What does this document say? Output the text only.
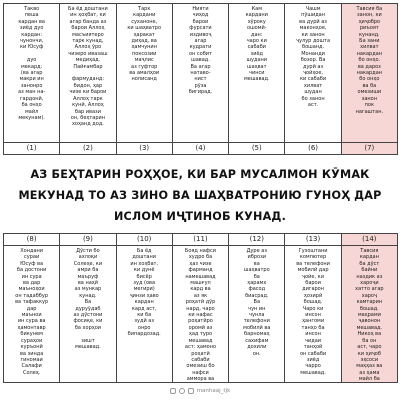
Такво
пеша
кардан ва
зиёд дуо
кардан:
чунончи,
ки Юсуф

дуо
мекард:
(ва агар
макри ин
занонро
аз ман на-
гардонӣ,
ба онҳо
майл
мекунам).
(1)
Ба ёд доштани
ин ҳоҳбат, ки
агар банда аз
барои Аллоҳ
масъиятеро
тарк кунад,
Аллоҳ ӯро
чизеро ивазаш
медиҳад.
Пайғамбар

фармуданд:
бидон, ҳар
чизе ки барои
Аллоҳ тарк
кунӣ, Аллоҳ
бар ивази
он, беҳтарин
хоҳанд дод.
(2)
Тарк
кардани
суханоне,
ки шаҳватро
ҳаракат
диҳад, ва
ҳамчунин
поксозии
маҷлис
аз гуфтор
ва амалҳои
нописанд
(3)
Нияти
чиҳод
барои
фурсати
издивоҷ
агар
кудрати
он собит
шавад.
Ва агар
натаво-
нист
рӯза
бигирад.
(4)
Кам
кардани
хӯроку
ошомӣ-
дан:
чаро ки
сабаби
зиёд
шудани
шаҳват
чинси
мешавад.
(5)
Чашм
пӯшидан
ва дурӣ аз
маконҳое,
ки занон
ҷулур дошта
бошанд.
Монанди
бозор. Ва
дурӣ аз
ҷойҳое,
ки сабаби
хилват
шудан
бо занон
аст.
(6)
Тавсия ба
занон, ки
ҳиҷобро
риъоят
кунанд.
Ба зани
хилват
накардан
бо онҳо.
ва дароз
накардан
бо онҳо
ва ба
омезиши
занон
пок
нагаштан.
(7)
АЗ БЕҲТАРИН РОҲҲОЕ, КИ БАР МУСАЛМОН КӮМАК МЕКУНАД ТО АЗ ЗИНО ВА ШАҲВАТРОНИЮ ГУНОҲ ДАР ИСЛОМ ИҶТИНОБ КУНАД.
(8)
Хондани
сураи
Юсуф ва
ба достони
ин сура
ва дар
маъноҳои
он тадаббур
ва тафаккур
дар
маънои
ин сура ва
ҳамонтавр
бикунем
сураҳои
куръонӣ
ва зинда
гиномаи
Салафи
Солеҳ.
(9)
Дӯсти бо
ахлоқи
Солеҳе, ки
амри ба
маъруф
ва наҳӣ
аз мункар
кунад.
Ва
дуруӯдаб
аз дӯстони
фосиқе, ки
ба хорҳои

зишт
мешавад.
(10)
Ба ёд
доштани
ин хоҳбат,
ки дунё
бисёр
зуд (ова
мегири)
ҷинзи ҳаво
кардан
кард аст,
ки ба
зудӣ аз
онро
бипардозад.
(11)
Бояд нафси
худро ба
ҳаз чизе
фарманд
намешавад
машғул
кард ва
аз як
роҳатӣ дӯр
нард, чаро
ки нафас
роҳатӣро
оромӣ аз
ҳад туро
мешавад
аст: ҳамоно
роҳатӣ
сабаби
омезиш бо
нафси
аммора ва

(12)
Дуре аз
ибрози
ва
шаҳватро
ба
ҳарамх
фасод
биасрад.
Ва
чун ин
чунла
телефони
мобилӣ ва
барномаҳ
сахифам
дохили
он.
(13)
Гузоштани
компютер
ва телефони
мобилӣ дар
ҷойе, ки
барои
дигарон
ҳозирӣ
бошад.
Чаро ки
инсон
ҳангоми
танҳо ба
инсон
чидаи
танҳоӣ
он сабаби
зиёд
чарро
мешавад.
(14)
Тавсия
кардан
ба дӯст
байни
наздик аз
хароҷи
хатто агар
хароҷ
камтарин
бошад.
маҳрами
ҷавонон
мешавад.
Никоҳ ва
ба он
аст, чаро
ки ҳиҷоб
эҳсоси
маҳҳаз ва
аз ҳама
майл ба

manhaaj_tjk
